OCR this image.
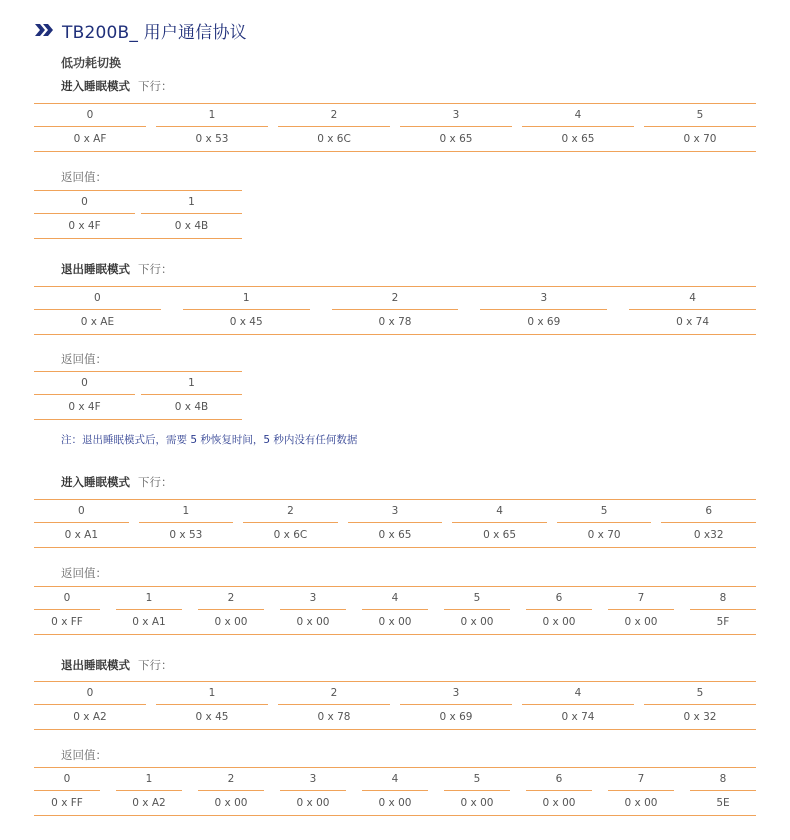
TB200B_ 用户通信协议
低功耗切换
进入睡眠模式 下行：
0	1	2	3	4	5
0 x AF	0 x 53	0 x 6C	0 x 65	0 x 65	0 x 70
返回值：
0	1
0 x 4F	0 x 4B
退出睡眠模式 下行：
0	1	2	3	4
0 x AE	0 x 45	0 x 78	0 x 69	0 x 74
返回值：
0	1
0 x 4F	0 x 4B
注：退出睡眠模式后，需要 5 秒恢复时间，5 秒内没有任何数据
进入睡眠模式 下行：
0	1	2	3	4	5	6
0 x A1	0 x 53	0 x 6C	0 x 65	0 x 65	0 x 70	0 x32
返回值：
0	1	2	3	4	5	6	7	8
0 x FF	0 x A1	0 x 00	0 x 00	0 x 00	0 x 00	0 x 00	0 x 00	5F
退出睡眠模式 下行：
0	1	2	3	4	5
0 x A2	0 x 45	0 x 78	0 x 69	0 x 74	0 x 32
返回值：
0	1	2	3	4	5	6	7	8
0 x FF	0 x A2	0 x 00	0 x 00	0 x 00	0 x 00	0 x 00	0 x 00	5E
